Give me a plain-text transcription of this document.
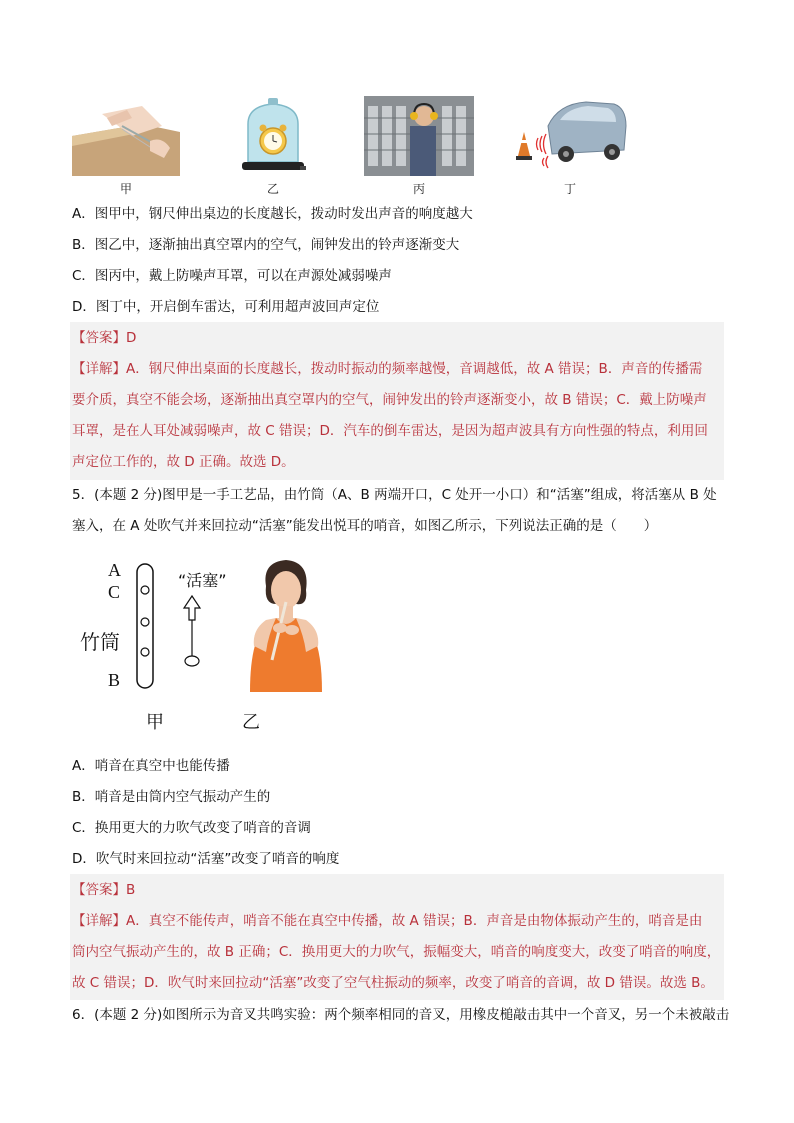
甲	乙	丙	丁
A．图甲中，钢尺伸出桌边的长度越长，拨动时发出声音的响度越大
B．图乙中，逐渐抽出真空罩内的空气，闹钟发出的铃声逐渐变大
C．图丙中，戴上防噪声耳罩，可以在声源处减弱噪声
D．图丁中，开启倒车雷达，可利用超声波回声定位
【答案】D
【详解】A．钢尺伸出桌面的长度越长，拨动时振动的频率越慢，音调越低，故 A 错误；B．声音的传播需
要介质，真空不能会场，逐渐抽出真空罩内的空气，闹钟发出的铃声逐渐变小，故 B 错误；C．戴上防噪声
耳罩，是在人耳处减弱噪声，故 C 错误；D．汽车的倒车雷达，是因为超声波具有方向性强的特点，利用回
声定位工作的，故 D 正确。故选 D。
5．(本题 2 分)图甲是一手工艺品，由竹筒（A、B 两端开口，C 处开一小口）和“活塞”组成，将活塞从 B 处
塞入，在 A 处吹气并来回拉动“活塞”能发出悦耳的哨音，如图乙所示，下列说法正确的是（　　）
A
C
竹筒
B
“活塞”
甲	乙
A．哨音在真空中也能传播
B．哨音是由筒内空气振动产生的
C．换用更大的力吹气改变了哨音的音调
D．吹气时来回拉动“活塞”改变了哨音的响度
【答案】B
【详解】A．真空不能传声，哨音不能在真空中传播，故 A 错误；B．声音是由物体振动产生的，哨音是由
筒内空气振动产生的，故 B 正确；C．换用更大的力吹气，振幅变大，哨音的响度变大，改变了哨音的响度，
故 C 错误；D．吹气时来回拉动“活塞”改变了空气柱振动的频率，改变了哨音的音调，故 D 错误。故选 B。
6．(本题 2 分)如图所示为音叉共鸣实验：两个频率相同的音叉，用橡皮槌敲击其中一个音叉，另一个未被敲击
